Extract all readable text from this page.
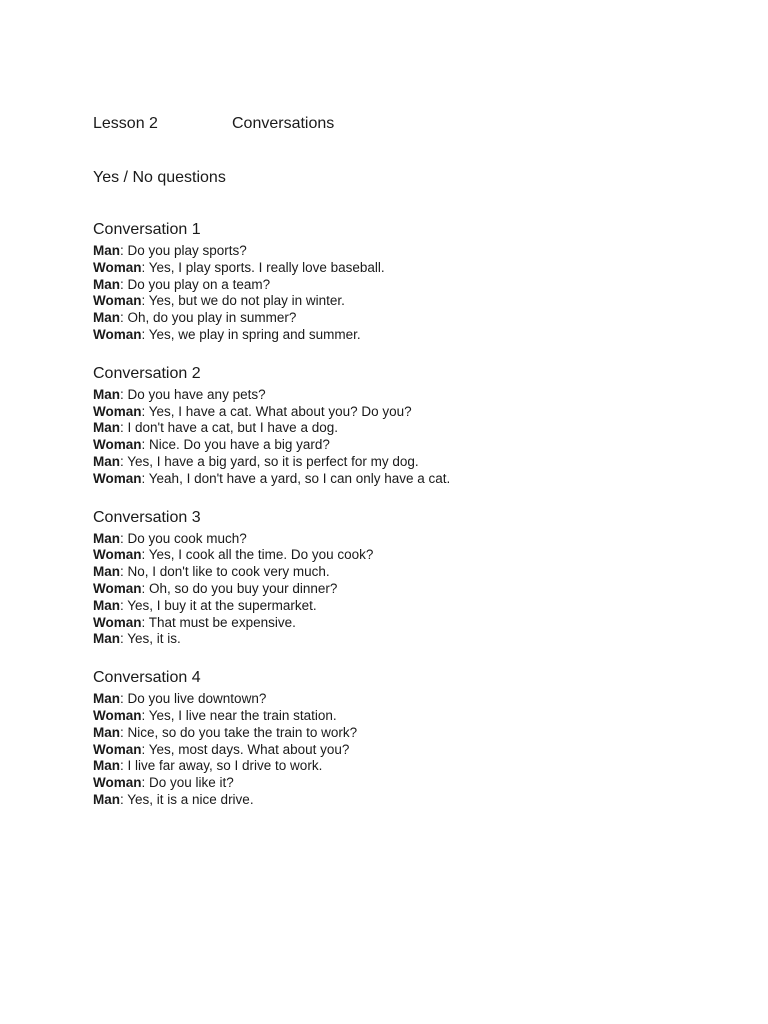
Lesson 2	Conversations
Yes / No questions
Conversation 1
Man: Do you play sports?
Woman: Yes, I play sports. I really love baseball.
Man: Do you play on a team?
Woman: Yes, but we do not play in winter.
Man: Oh, do you play in summer?
Woman: Yes, we play in spring and summer.
Conversation 2
Man: Do you have any pets?
Woman: Yes, I have a cat. What about you? Do you?
Man: I don't have a cat, but I have a dog.
Woman: Nice. Do you have a big yard?
Man: Yes, I have a big yard, so it is perfect for my dog.
Woman: Yeah, I don't have a yard, so I can only have a cat.
Conversation 3
Man: Do you cook much?
Woman: Yes, I cook all the time. Do you cook?
Man: No, I don't like to cook very much.
Woman: Oh, so do you buy your dinner?
Man: Yes, I buy it at the supermarket.
Woman: That must be expensive.
Man: Yes, it is.
Conversation 4
Man: Do you live downtown?
Woman: Yes, I live near the train station.
Man: Nice, so do you take the train to work?
Woman: Yes, most days. What about you?
Man: I live far away, so I drive to work.
Woman: Do you like it?
Man: Yes, it is a nice drive.
